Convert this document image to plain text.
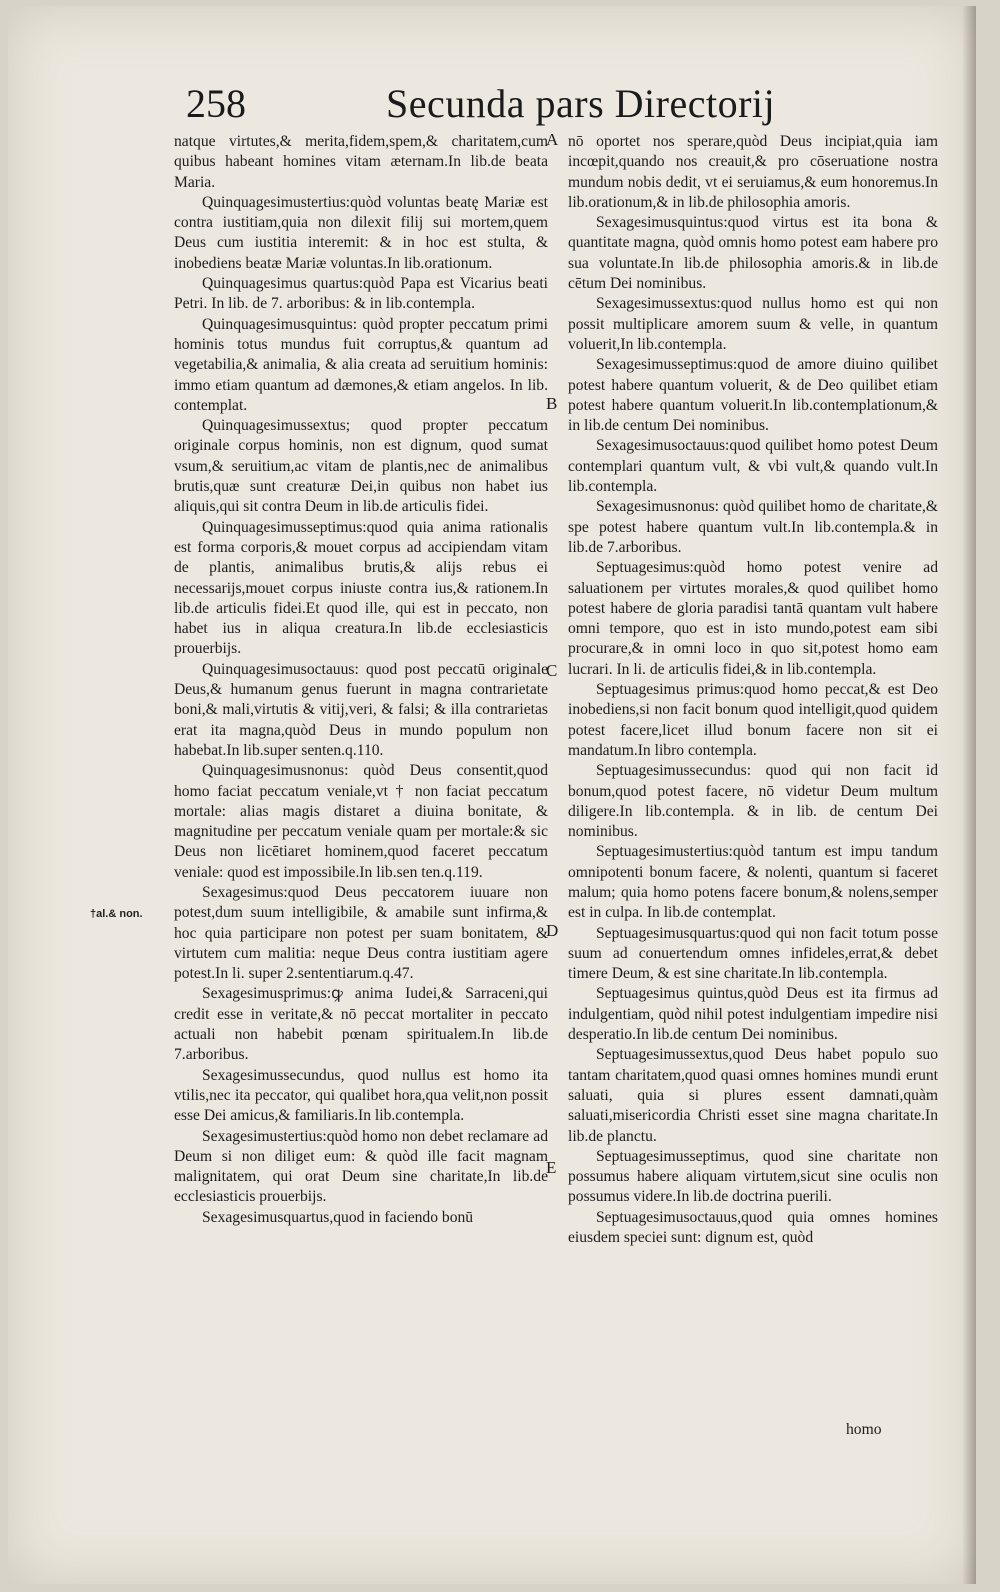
258	Secunda pars Directorij
†al.& non.
A
B
C
D
E

natque virtutes,& merita,fidem,spem,& charitatem,cum quibus habeant homines vitam æternam.In lib.de beata Maria.

Quinquagesimustertius:quòd voluntas beatę Mariæ est contra iustitiam,quia non dilexit filij sui mortem,quem Deus cum iustitia interemit: & in hoc est stulta, & inobediens beatæ Mariæ voluntas.In lib.orationum.

Quinquagesimus quartus:quòd Papa est Vicarius beati Petri. In lib. de 7. arboribus: & in lib.contempla.

Quinquagesimusquintus: quòd propter peccatum primi hominis totus mundus fuit corruptus,& quantum ad vegetabilia,& animalia, & alia creata ad seruitium hominis: immo etiam quantum ad dæmones,& etiam angelos. In lib. contemplat.

Quinquagesimussextus; quod propter peccatum originale corpus hominis, non est dignum, quod sumat vsum,& seruitium,ac vitam de plantis,nec de animalibus brutis,quæ sunt creaturæ Dei,in quibus non habet ius aliquis,qui sit contra Deum in lib.de articulis fidei.

Quinquagesimusseptimus:quod quia anima rationalis est forma corporis,& mouet corpus ad accipiendam vitam de plantis, animalibus brutis,& alijs rebus ei necessarijs,mouet corpus iniuste contra ius,& rationem.In lib.de articulis fidei.Et quod ille, qui est in peccato, non habet ius in aliqua creatura.In lib.de ecclesiasticis prouerbijs.

Quinquagesimusoctauus: quod post peccatū originale Deus,& humanum genus fuerunt in magna contrarietate boni,& mali,virtutis & vitij,veri, & falsi; & illa contrarietas erat ita magna,quòd Deus in mundo populum non habebat.In lib.super senten.q.110.

Quinquagesimusnonus: quòd Deus consentit,quod homo faciat peccatum veniale,vt † non faciat peccatum mortale: alias magis distaret a diuina bonitate, & magnitudine per peccatum veniale quam per mortale:& sic Deus non licētiaret hominem,quod faceret peccatum veniale: quod est impossibile.In lib.sen ten.q.119.

Sexagesimus:quod Deus peccatorem iuuare non potest,dum suum intelligibile, & amabile sunt infirma,& hoc quia participare non potest per suam bonitatem, & virtutem cum malitia: neque Deus contra iustitiam agere potest.In li. super 2.sententiarum.q.47.

Sexagesimusprimus:ꝙ anima Iudei,& Sarraceni,qui credit esse in veritate,& nō peccat mortaliter in peccato actuali non habebit pœnam spiritualem.In lib.de 7.arboribus.

Sexagesimussecundus, quod nullus est homo ita vtilis,nec ita peccator, qui qualibet hora,qua velit,non possit esse Dei amicus,& familiaris.In lib.contempla.

Sexagesimustertius:quòd homo non debet reclamare ad Deum si non diliget eum: & quòd ille facit magnam malignitatem, qui orat Deum sine charitate,In lib.de ecclesiasticis prouerbijs.

Sexagesimusquartus,quod in faciendo bonū

nō oportet nos sperare,quòd Deus incipiat,quia iam incœpit,quando nos creauit,& pro cōseruatione nostra mundum nobis dedit, vt ei seruiamus,& eum honoremus.In lib.orationum,& in lib.de philosophia amoris.

Sexagesimusquintus:quod virtus est ita bona & quantitate magna, quòd omnis homo potest eam habere pro sua voluntate.In lib.de philosophia amoris.& in lib.de cētum Dei nominibus.

Sexagesimussextus:quod nullus homo est qui non possit multiplicare amorem suum & velle, in quantum voluerit,In lib.contempla.

Sexagesimusseptimus:quod de amore diuino quilibet potest habere quantum voluerit, & de Deo quilibet etiam potest habere quantum voluerit.In lib.contemplationum,& in lib.de centum Dei nominibus.

Sexagesimusoctauus:quod quilibet homo potest Deum contemplari quantum vult, & vbi vult,& quando vult.In lib.contempla.

Sexagesimusnonus: quòd quilibet homo de charitate,& spe potest habere quantum vult.In lib.contempla.& in lib.de 7.arboribus.

Septuagesimus:quòd homo potest venire ad saluationem per virtutes morales,& quod quilibet homo potest habere de gloria paradisi tantā quantam vult habere omni tempore, quo est in isto mundo,potest eam sibi procurare,& in omni loco in quo sit,potest homo eam lucrari. In li. de articulis fidei,& in lib.contempla.

Septuagesimus primus:quod homo peccat,& est Deo inobediens,si non facit bonum quod intelligit,quod quidem potest facere,licet illud bonum facere non sit ei mandatum.In libro contempla.

Septuagesimussecundus: quod qui non facit id bonum,quod potest facere, nō videtur Deum multum diligere.In lib.contempla. & in lib. de centum Dei nominibus.

Septuagesimustertius:quòd tantum est impu tandum omnipotenti bonum facere, & nolenti, quantum si faceret malum; quia homo potens facere bonum,& nolens,semper est in culpa. In lib.de contemplat.

Septuagesimusquartus:quod qui non facit totum posse suum ad conuertendum omnes infideles,errat,& debet timere Deum, & est sine charitate.In lib.contempla.

Septuagesimus quintus,quòd Deus est ita firmus ad indulgentiam, quòd nihil potest indulgentiam impedire nisi desperatio.In lib.de centum Dei nominibus.

Septuagesimussextus,quod Deus habet populo suo tantam charitatem,quod quasi omnes homines mundi erunt saluati, quia si plures essent damnati,quàm saluati,misericordia Christi esset sine magna charitate.In lib.de planctu.

Septuagesimusseptimus, quod sine charitate non possumus habere aliquam virtutem,sicut sine oculis non possumus videre.In lib.de doctrina puerili.

Septuagesimusoctauus,quod quia omnes homines eiusdem speciei sunt: dignum est, quòd

homo
